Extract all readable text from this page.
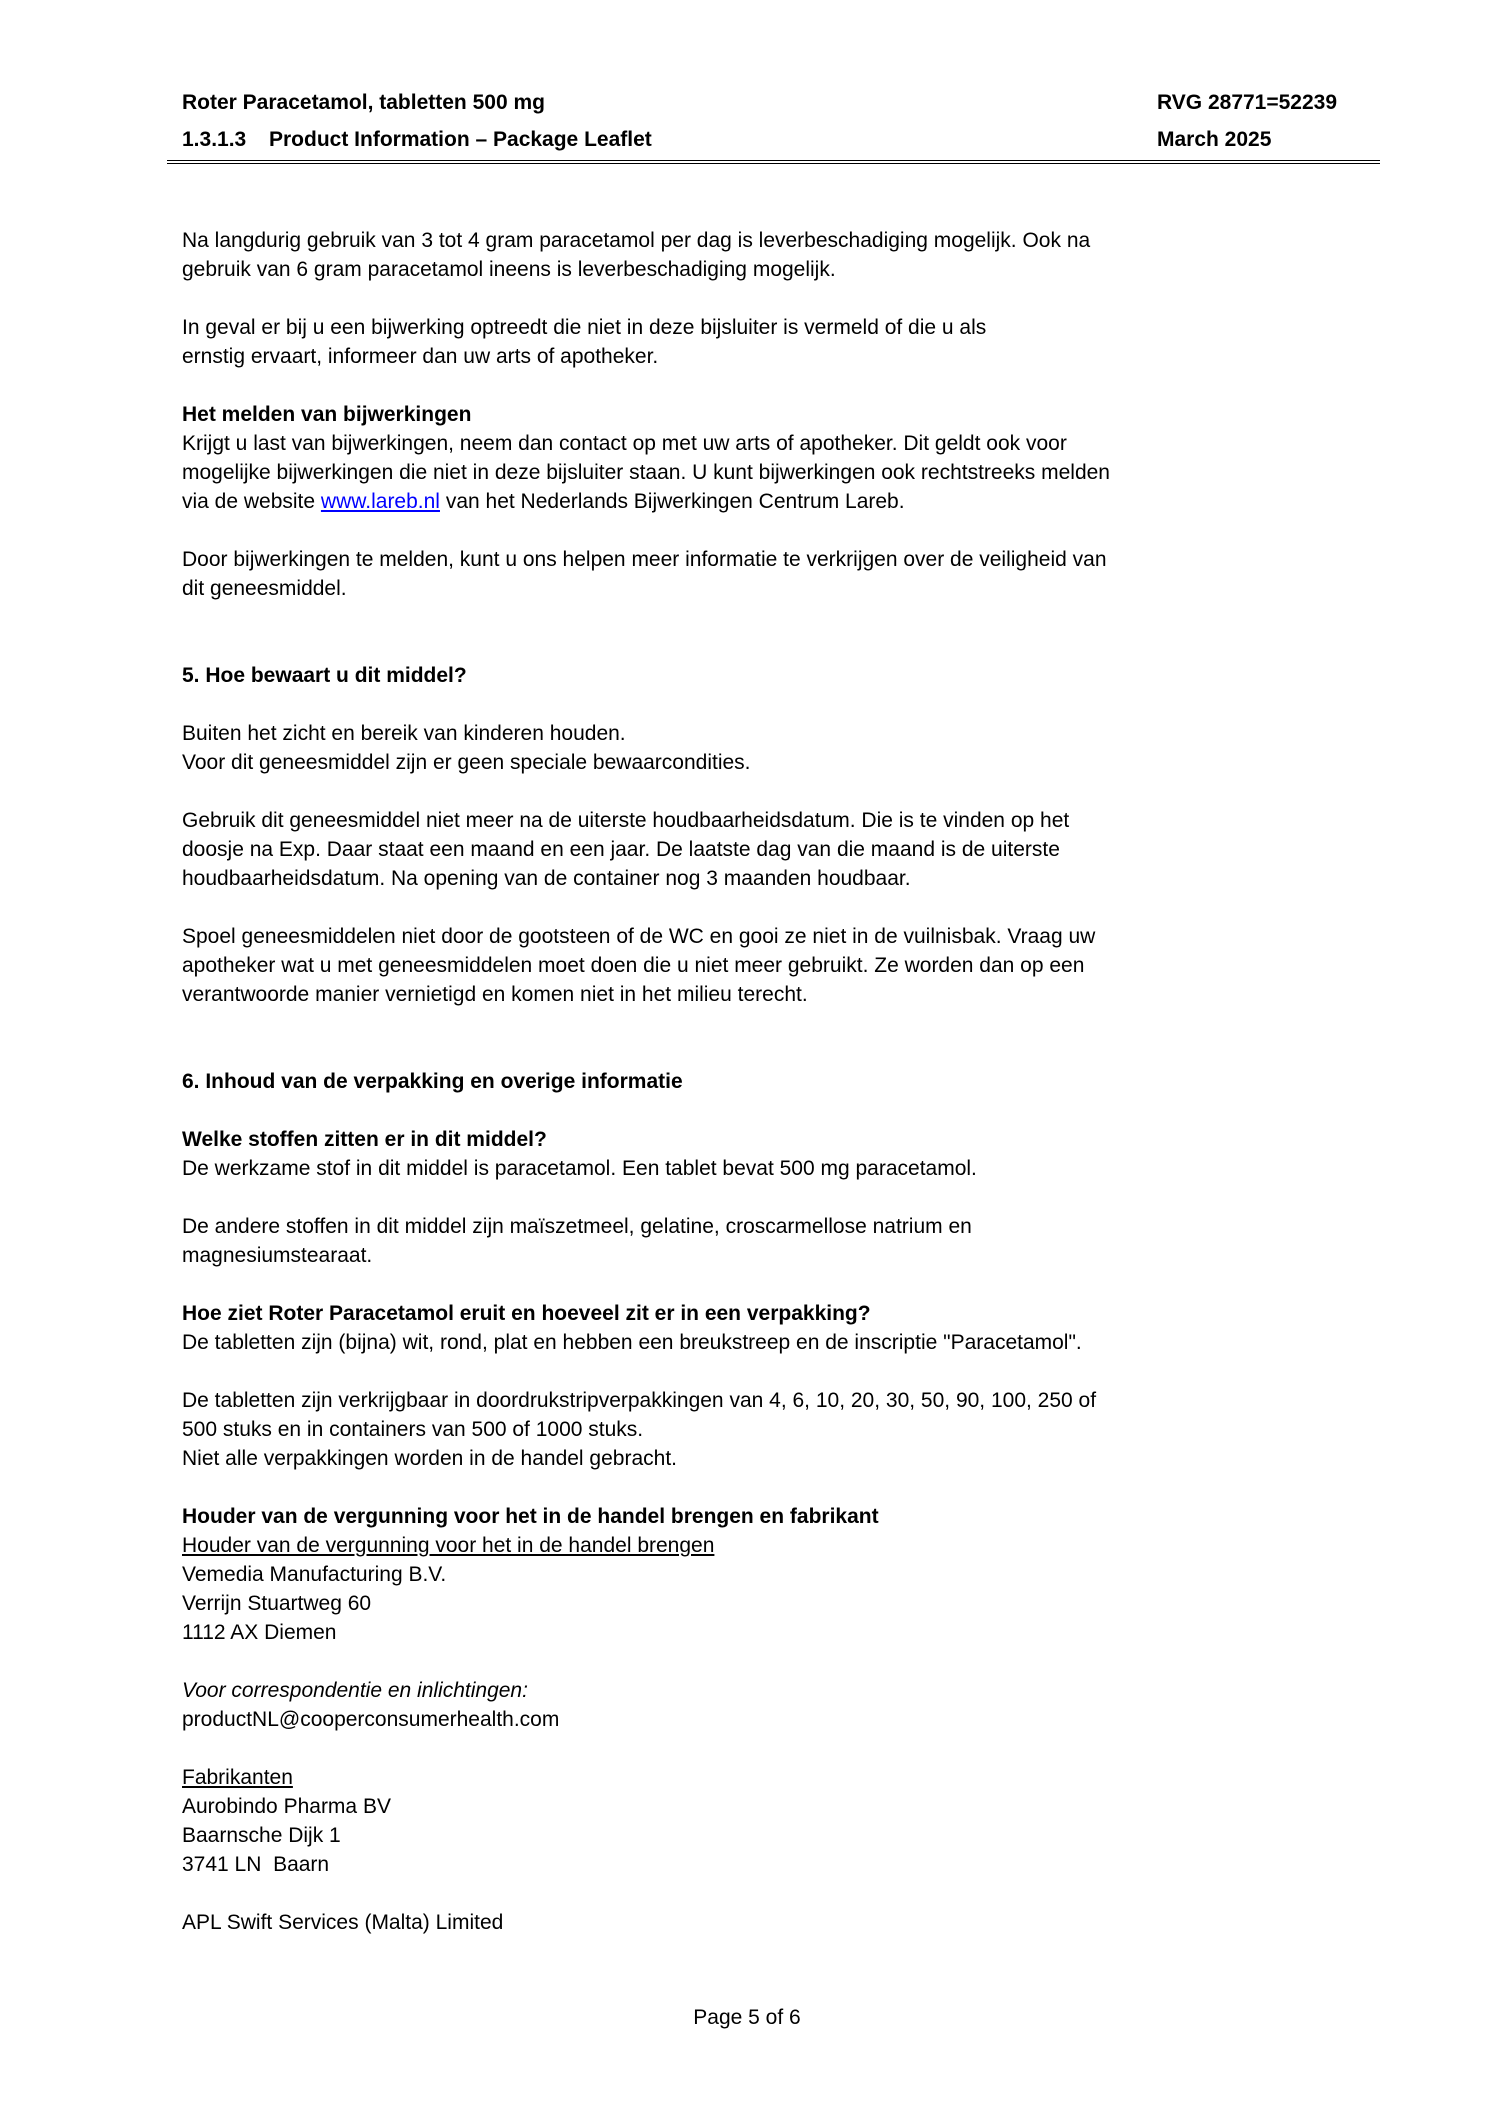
Roter Paracetamol, tabletten 500 mg	RVG 28771=52239
1.3.1.3 Product Information – Package Leaflet	March 2025
Na langdurig gebruik van 3 tot 4 gram paracetamol per dag is leverbeschadiging mogelijk. Ook na
gebruik van 6 gram paracetamol ineens is leverbeschadiging mogelijk.
In geval er bij u een bijwerking optreedt die niet in deze bijsluiter is vermeld of die u als
ernstig ervaart, informeer dan uw arts of apotheker.
Het melden van bijwerkingen
Krijgt u last van bijwerkingen, neem dan contact op met uw arts of apotheker. Dit geldt ook voor
mogelijke bijwerkingen die niet in deze bijsluiter staan. U kunt bijwerkingen ook rechtstreeks melden
via de website www.lareb.nl van het Nederlands Bijwerkingen Centrum Lareb.
Door bijwerkingen te melden, kunt u ons helpen meer informatie te verkrijgen over de veiligheid van
dit geneesmiddel.
5. Hoe bewaart u dit middel?
Buiten het zicht en bereik van kinderen houden.
Voor dit geneesmiddel zijn er geen speciale bewaarcondities.
Gebruik dit geneesmiddel niet meer na de uiterste houdbaarheidsdatum. Die is te vinden op het
doosje na Exp. Daar staat een maand en een jaar. De laatste dag van die maand is de uiterste
houdbaarheidsdatum. Na opening van de container nog 3 maanden houdbaar.
Spoel geneesmiddelen niet door de gootsteen of de WC en gooi ze niet in de vuilnisbak. Vraag uw
apotheker wat u met geneesmiddelen moet doen die u niet meer gebruikt. Ze worden dan op een
verantwoorde manier vernietigd en komen niet in het milieu terecht.
6. Inhoud van de verpakking en overige informatie
Welke stoffen zitten er in dit middel?
De werkzame stof in dit middel is paracetamol. Een tablet bevat 500 mg paracetamol.
De andere stoffen in dit middel zijn maïszetmeel, gelatine, croscarmellose natrium en
magnesiumstearaat.
Hoe ziet Roter Paracetamol eruit en hoeveel zit er in een verpakking?
De tabletten zijn (bijna) wit, rond, plat en hebben een breukstreep en de inscriptie "Paracetamol".
De tabletten zijn verkrijgbaar in doordrukstripverpakkingen van 4, 6, 10, 20, 30, 50, 90, 100, 250 of
500 stuks en in containers van 500 of 1000 stuks.
Niet alle verpakkingen worden in de handel gebracht.
Houder van de vergunning voor het in de handel brengen en fabrikant
Houder van de vergunning voor het in de handel brengen
Vemedia Manufacturing B.V.
Verrijn Stuartweg 60
1112 AX Diemen
Voor correspondentie en inlichtingen:
productNL@cooperconsumerhealth.com
Fabrikanten
Aurobindo Pharma BV
Baarnsche Dijk 1
3741 LN  Baarn
APL Swift Services (Malta) Limited
Page 5 of 6
